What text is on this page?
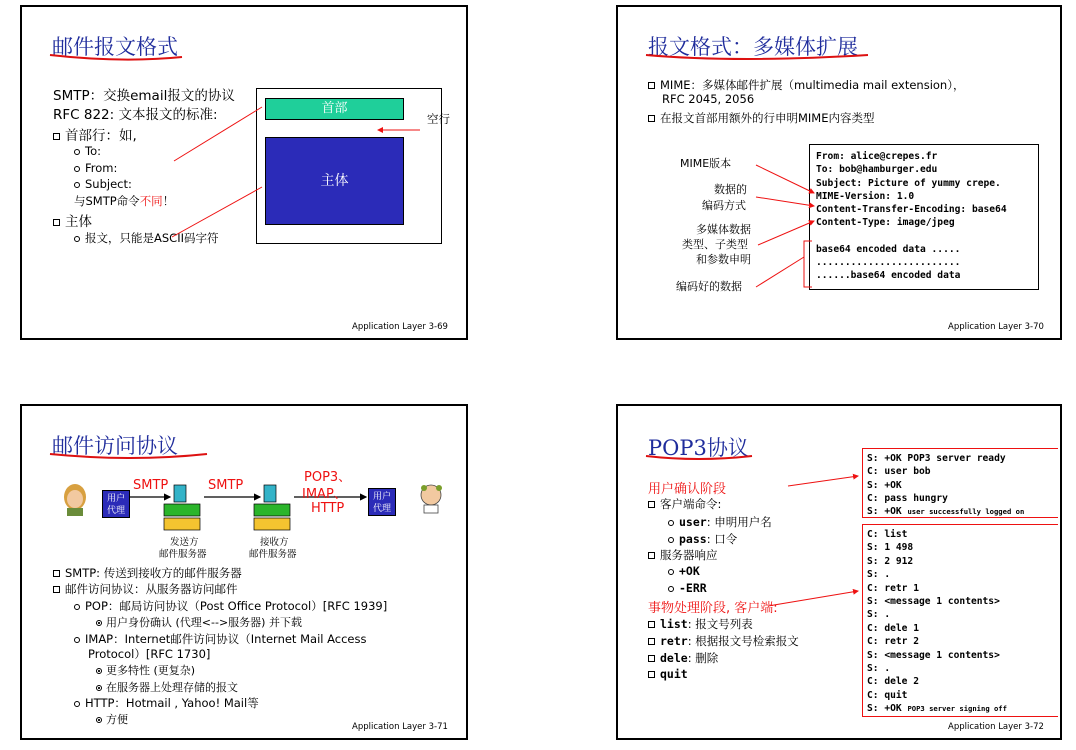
邮件报文格式
SMTP：交换email报文的协议
RFC 822: 文本报文的标准:
首部行：如,
To:
From:
Subject:
与SMTP命令不同！
主体
报文，只能是ASCII码字符
首部
主体
空行
Application Layer 3-69
报文格式：多媒体扩展
MIME：多媒体邮件扩展（multimedia mail extension），
RFC 2045, 2056
在报文首部用额外的行申明MIME内容类型
MIME版本
数据的
编码方式
多媒体数据
类型、子类型
和参数申明
编码好的数据
From: alice@crepes.fr
To: bob@hamburger.edu
Subject: Picture of yummy crepe.
MIME-Version: 1.0
Content-Transfer-Encoding: base64
Content-Type: image/jpeg
base64 encoded data .....
.........................
......base64 encoded data
Application Layer 3-70
邮件访问协议
用户
代理
用户
代理
SMTP	SMTP
POP3、
IMAP、
HTTP
发送方
邮件服务器
接收方
邮件服务器
SMTP: 传送到接收方的邮件服务器
邮件访问协议：从服务器访问邮件
POP：邮局访问协议（Post Office Protocol）[RFC 1939]
用户身份确认 (代理<-->服务器) 并下载
IMAP：Internet邮件访问协议（Internet Mail Access
Protocol）[RFC 1730]
更多特性 (更复杂)
在服务器上处理存储的报文
HTTP：Hotmail , Yahoo! Mail等
方便
Application Layer 3-71
POP3协议
用户确认阶段
客户端命令:
user: 申明用户名
pass: 口令
服务器响应
+OK
-ERR
事物处理阶段, 客户端:
list: 报文号列表
retr: 根据报文号检索报文
dele: 删除
quit
S: +OK POP3 server ready
C: user bob
S: +OK
C: pass hungry
S: +OK user successfully logged on
C: list
S: 1 498
S: 2 912
S: .
C: retr 1
S: <message 1 contents>
S: .
C: dele 1
C: retr 2
S: <message 1 contents>
S: .
C: dele 2
C: quit
S: +OK POP3 server signing off
Application Layer 3-72
